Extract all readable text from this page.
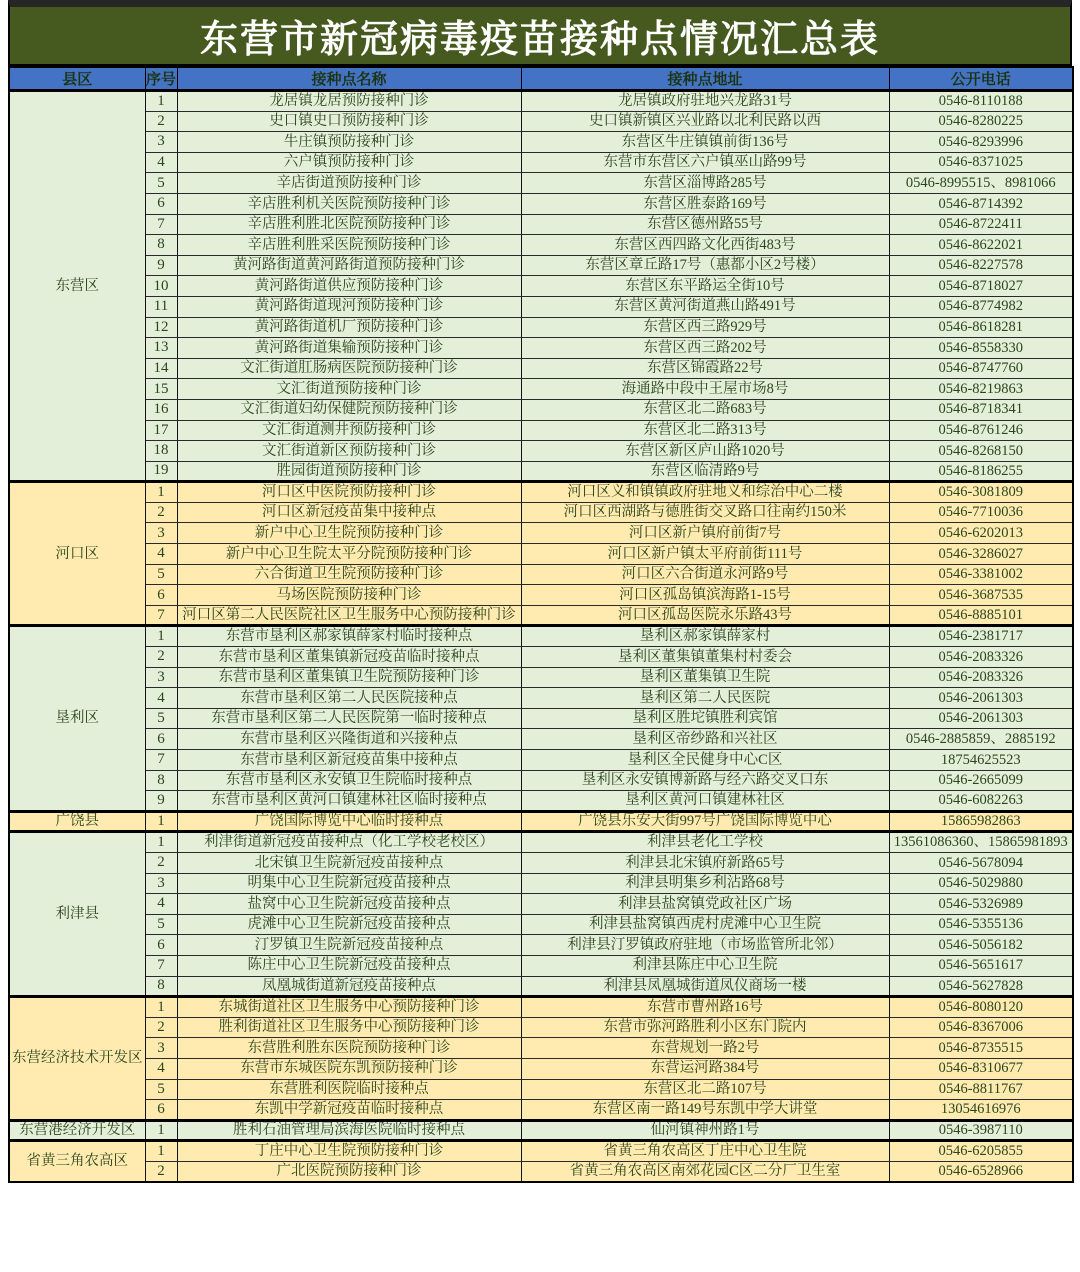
东营市新冠病毒疫苗接种点情况汇总表
县区	序号	接种点名称	接种点地址	公开电话
东营区	1	龙居镇龙居预防接种门诊	龙居镇政府驻地兴龙路31号	0546-8110188
	2	史口镇史口预防接种门诊	史口镇新镇区兴业路以北利民路以西	0546-8280225
	3	牛庄镇预防接种门诊	东营区牛庄镇镇前街136号	0546-8293996
	4	六户镇预防接种门诊	东营市东营区六户镇巫山路99号	0546-8371025
	5	辛店街道预防接种门诊	东营区淄博路285号	0546-8995515、8981066
	6	辛店胜利机关医院预防接种门诊	东营区胜泰路169号	0546-8714392
	7	辛店胜利胜北医院预防接种门诊	东营区德州路55号	0546-8722411
	8	辛店胜利胜采医院预防接种门诊	东营区西四路文化西街483号	0546-8622021
	9	黄河路街道黄河路街道预防接种门诊	东营区章丘路17号（惠都小区2号楼）	0546-8227578
	10	黄河路街道供应预防接种门诊	东营区东平路运全街10号	0546-8718027
	11	黄河路街道现河预防接种门诊	东营区黄河街道燕山路491号	0546-8774982
	12	黄河路街道机厂预防接种门诊	东营区西三路929号	0546-8618281
	13	黄河路街道集输预防接种门诊	东营区西三路202号	0546-8558330
	14	文汇街道肛肠病医院预防接种门诊	东营区锦霞路22号	0546-8747760
	15	文汇街道预防接种门诊	海通路中段中王屋市场8号	0546-8219863
	16	文汇街道妇幼保健院预防接种门诊	东营区北二路683号	0546-8718341
	17	文汇街道测井预防接种门诊	东营区北二路313号	0546-8761246
	18	文汇街道新区预防接种门诊	东营区新区庐山路1020号	0546-8268150
	19	胜园街道预防接种门诊	东营区临清路9号	0546-8186255
河口区	1	河口区中医院预防接种门诊	河口区义和镇镇政府驻地义和综治中心二楼	0546-3081809
	2	河口区新冠疫苗集中接种点	河口区西湖路与德胜街交叉路口往南约150米	0546-7710036
	3	新户中心卫生院预防接种门诊	河口区新户镇府前街7号	0546-6202013
	4	新户中心卫生院太平分院预防接种门诊	河口区新户镇太平府前街111号	0546-3286027
	5	六合街道卫生院预防接种门诊	河口区六合街道永河路9号	0546-3381002
	6	马场医院预防接种门诊	河口区孤岛镇滨海路1-15号	0546-3687535
	7	河口区第二人民医院社区卫生服务中心预防接种门诊	河口区孤岛医院永乐路43号	0546-8885101
垦利区	1	东营市垦利区郝家镇薛家村临时接种点	垦利区郝家镇薛家村	0546-2381717
	2	东营市垦利区董集镇新冠疫苗临时接种点	垦利区董集镇董集村村委会	0546-2083326
	3	东营市垦利区董集镇卫生院预防接种门诊	垦利区董集镇卫生院	0546-2083326
	4	东营市垦利区第二人民医院接种点	垦利区第二人民医院	0546-2061303
	5	东营市垦利区第二人民医院第一临时接种点	垦利区胜坨镇胜利宾馆	0546-2061303
	6	东营市垦利区兴隆街道和兴接种点	垦利区帝纱路和兴社区	0546-2885859、2885192
	7	东营市垦利区新冠疫苗集中接种点	垦利区全民健身中心C区	18754625523
	8	东营市垦利区永安镇卫生院临时接种点	垦利区永安镇博新路与经六路交叉口东	0546-2665099
	9	东营市垦利区黄河口镇建林社区临时接种点	垦利区黄河口镇建林社区	0546-6082263
广饶县	1	广饶国际博览中心临时接种点	广饶县乐安大街997号广饶国际博览中心	15865982863
利津县	1	利津街道新冠疫苗接种点（化工学校老校区）	利津县老化工学校	13561086360、15865981893
	2	北宋镇卫生院新冠疫苗接种点	利津县北宋镇府新路65号	0546-5678094
	3	明集中心卫生院新冠疫苗接种点	利津县明集乡利沾路68号	0546-5029880
	4	盐窝中心卫生院新冠疫苗接种点	利津县盐窝镇党政社区广场	0546-5326989
	5	虎滩中心卫生院新冠疫苗接种点	利津县盐窝镇西虎村虎滩中心卫生院	0546-5355136
	6	汀罗镇卫生院新冠疫苗接种点	利津县汀罗镇政府驻地（市场监管所北邻）	0546-5056182
	7	陈庄中心卫生院新冠疫苗接种点	利津县陈庄中心卫生院	0546-5651617
	8	凤凰城街道新冠疫苗接种点	利津县凤凰城街道凤仪商场一楼	0546-5627828
东营经济技术开发区	1	东城街道社区卫生服务中心预防接种门诊	东营市曹州路16号	0546-8080120
	2	胜利街道社区卫生服务中心预防接种门诊	东营市弥河路胜利小区东门院内	0546-8367006
	3	东营胜利胜东医院预防接种门诊	东营规划一路2号	0546-8735515
	4	东营市东城医院东凯预防接种门诊	东营运河路384号	0546-8310677
	5	东营胜利医院临时接种点	东营区北二路107号	0546-8811767
	6	东凯中学新冠疫苗临时接种点	东营区南一路149号东凯中学大讲堂	13054616976
东营港经济开发区	1	胜利石油管理局滨海医院临时接种点	仙河镇神州路1号	0546-3987110
省黄三角农高区	1	丁庄中心卫生院预防接种门诊	省黄三角农高区丁庄中心卫生院	0546-6205855
	2	广北医院预防接种门诊	省黄三角农高区南郊花园C区二分厂卫生室	0546-6528966
